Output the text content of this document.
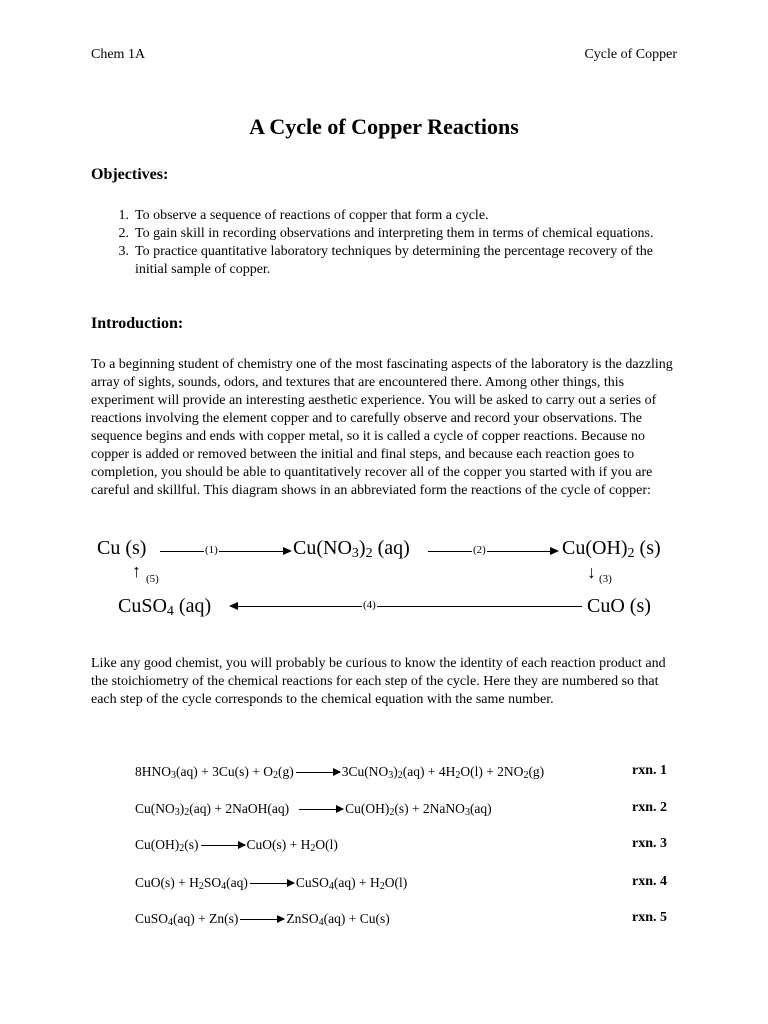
Chem 1A	Cycle of Copper
A Cycle of Copper Reactions
Objectives:
1. To observe a sequence of reactions of copper that form a cycle.
2. To gain skill in recording observations and interpreting them in terms of chemical equations.
3. To practice quantitative laboratory techniques by determining the percentage recovery of the initial sample of copper.
Introduction:
To a beginning student of chemistry one of the most fascinating aspects of the laboratory is the dazzling array of sights, sounds, odors, and textures that are encountered there. Among other things, this experiment will provide an interesting aesthetic experience. You will be asked to carry out a series of reactions involving the element copper and to carefully observe and record your observations. The sequence begins and ends with copper metal, so it is called a cycle of copper reactions. Because no copper is added or removed between the initial and final steps, and because each reaction goes to completion, you should be able to quantitatively recover all of the copper you started with if you are careful and skillful. This diagram shows in an abbreviated form the reactions of the cycle of copper:
Cu (s)	(1)	$Cu(NO_3)_2$ (aq)	(2)	$Cu(OH)_2$ (s)
↓ (3)
↑ (5)
CuSO$_4$ (aq)	(4)	CuO (s)
Like any good chemist, you will probably be curious to know the identity of each reaction product and the stoichiometry of the chemical reactions for each step of the cycle. Here they are numbered so that each step of the cycle corresponds to the chemical equation with the same number.
$8HNO_3(aq) + 3Cu(s) + O_2(g) \to 3Cu(NO_3)_2(aq) + 4H_2O(l) + 2NO_2(g)$	rxn. 1
$Cu(NO_3)_2(aq)$ + 2NaOH(aq) → $Cu(OH)_2(s)$ + 2NaNO$_3$(aq)	rxn. 2
$Cu(OH)_2(s) \to CuO(s) + H_2O(l)$	rxn. 3
$CuO(s) + H_2SO_4(aq)$ → CuSO$_4$(aq) + $H_2O(l)$	rxn. 4
CuSO$_4$(aq) + Zn(s) → ZnSO$_4$(aq) + Cu(s)	rxn. 5
